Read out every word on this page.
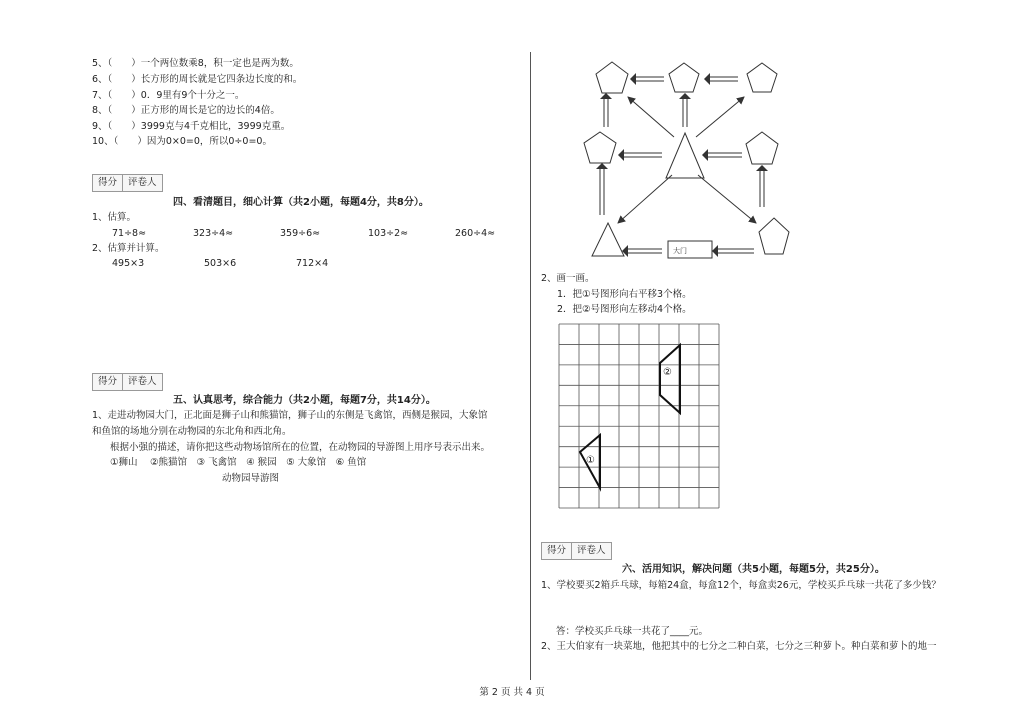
5、（　　）一个两位数乘8，积一定也是两为数。
6、（　　）长方形的周长就是它四条边长度的和。
7、（　　）0．9里有9个十分之一。
8、（　　）正方形的周长是它的边长的4倍。
9、（　　）3999克与4千克相比，3999克重。
10、（　　）因为0×0=0，所以0÷0=0。
得分	评卷人
四、看清题目，细心计算（共2小题，每题4分，共8分）。
1、估算。
71÷8≈	323÷4≈	359÷6≈	103÷2≈	260÷4≈
2、估算并计算。
495×3	503×6	712×4
得分	评卷人
五、认真思考，综合能力（共2小题，每题7分，共14分）。
1、走进动物园大门，正北面是狮子山和熊猫馆，狮子山的东侧是飞禽馆，西侧是猴园，大象馆
和鱼馆的场地分别在动物园的东北角和西北角。
根据小强的描述，请你把这些动物场馆所在的位置，在动物园的导游图上用序号表示出来。
①狮山　 ②熊猫馆　③ 飞禽馆　④ 猴园　⑤ 大象馆　⑥ 鱼馆
动物园导游图
大门
2、画一画。
1．把①号图形向右平移3个格。
2．把②号图形向左移动4个格。
①
②
得分	评卷人
六、活用知识，解决问题（共5小题，每题5分，共25分）。
1、学校要买2箱乒乓球，每箱24盒，每盒12个，每盒卖26元，学校买乒乓球一共花了多少钱？
答：学校买乒乓球一共花了____元。
2、王大伯家有一块菜地，他把其中的七分之二种白菜，七分之三种萝卜。种白菜和萝卜的地一
第 2 页 共 4 页
